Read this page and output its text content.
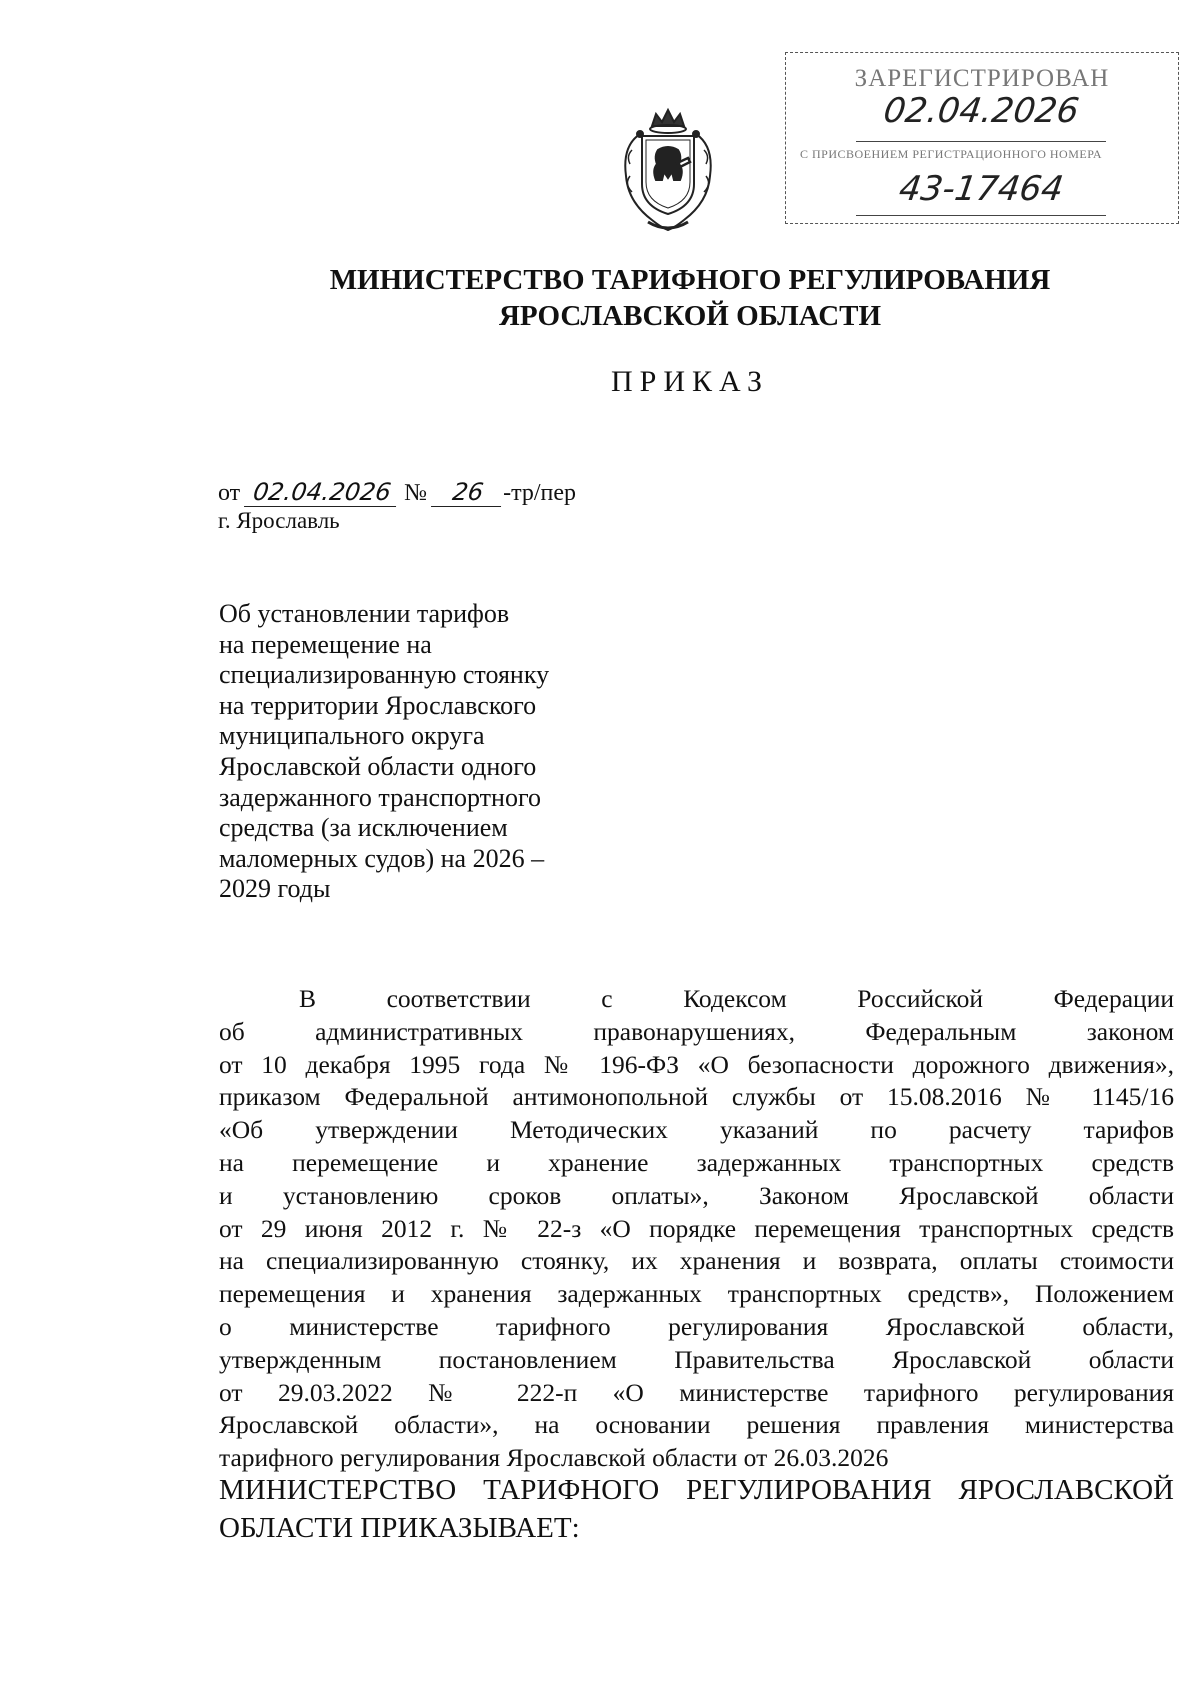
ЗАРЕГИСТРИРОВАН
02.04.2026
С ПРИСВОЕНИЕМ РЕГИСТРАЦИОННОГО НОМЕРА
43-17464
МИНИСТЕРСТВО ТАРИФНОГО РЕГУЛИРОВАНИЯ
ЯРОСЛАВСКОЙ ОБЛАСТИ
ПРИКАЗ
от 02.04.2026 № 26 -тр/пер
г. Ярославль
Об установлении тарифов
на перемещение на
специализированную стоянку
на территории Ярославского
муниципального округа
Ярославской области одного
задержанного транспортного
средства (за исключением
маломерных судов) на 2026 –
2029 годы
В соответствии с Кодексом Российской Федерации
об административных правонарушениях, Федеральным законом
от 10 декабря 1995 года № 196-ФЗ «О безопасности дорожного движения»,
приказом Федеральной антимонопольной службы от 15.08.2016 № 1145/16
«Об утверждении Методических указаний по расчету тарифов
на перемещение и хранение задержанных транспортных средств
и установлению сроков оплаты», Законом Ярославской области
от 29 июня 2012 г. № 22-з «О порядке перемещения транспортных средств
на специализированную стоянку, их хранения и возврата, оплаты стоимости
перемещения и хранения задержанных транспортных средств», Положением
о министерстве тарифного регулирования Ярославской области,
утвержденным постановлением Правительства Ярославской области
от 29.03.2022 № 222-п «О министерстве тарифного регулирования
Ярославской области», на основании решения правления министерства
тарифного регулирования Ярославской области от 26.03.2026
МИНИСТЕРСТВО ТАРИФНОГО РЕГУЛИРОВАНИЯ ЯРОСЛАВСКОЙ
ОБЛАСТИ ПРИКАЗЫВАЕТ:
